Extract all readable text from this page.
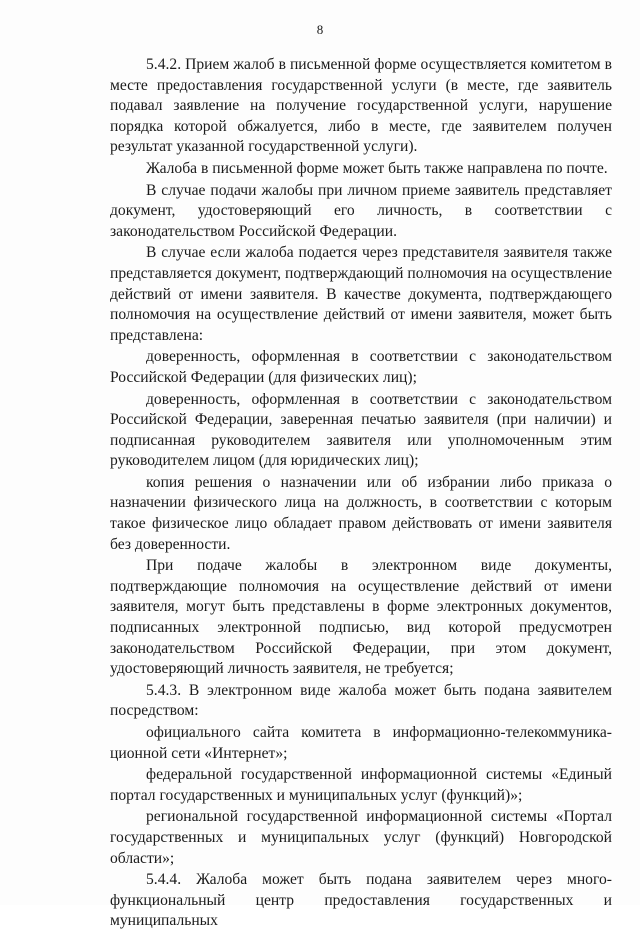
8

5.4.2. Прием жалоб в письменной форме осуществляется комитетом в месте предоставления государственной услуги (в месте, где заявитель подавал заявление на получение государственной услуги, нарушение порядка которой обжалуется, либо в месте, где заявителем получен результат указанной государственной услуги).

Жалоба в письменной форме может быть также направлена по почте.

В случае подачи жалобы при личном приеме заявитель представляет документ, удостоверяющий его личность, в соответствии с законодательством Российской Федерации.

В случае если жалоба подается через представителя заявителя также представляется документ, подтверждающий полномочия на осуществление действий от имени заявителя. В качестве документа, подтверждающего полномочия на осуществление действий от имени заявителя, может быть представлена:

доверенность, оформленная в соответствии с законодательством Российской Федерации (для физических лиц);

доверенность, оформленная в соответствии с законодательством Российской Федерации, заверенная печатью заявителя (при наличии) и подписанная руководителем заявителя или уполномоченным этим руководителем лицом (для юридических лиц);

копия решения о назначении или об избрании либо приказа о назначении физического лица на должность, в соответствии с которым такое физическое лицо обладает правом действовать от имени заявителя без доверенности.

При подаче жалобы в электронном виде документы, подтверждающие полномочия на осуществление действий от имени заявителя, могут быть представлены в форме электронных документов, подписанных электронной подписью, вид которой предусмотрен законодательством Российской Федерации, при этом документ, удостоверяющий личность заявителя, не требуется;

5.4.3. В электронном виде жалоба может быть подана заявителем посредством:

официального сайта комитета в информационно-телекоммуникационной сети «Интернет»;

федеральной государственной информационной системы «Единый портал государственных и муниципальных услуг (функций)»;

региональной государственной информационной системы «Портал государственных и муниципальных услуг (функций) Новгородской области»;

5.4.4. Жалоба может быть подана заявителем через многофункциональный центр предоставления государственных и муниципальных
